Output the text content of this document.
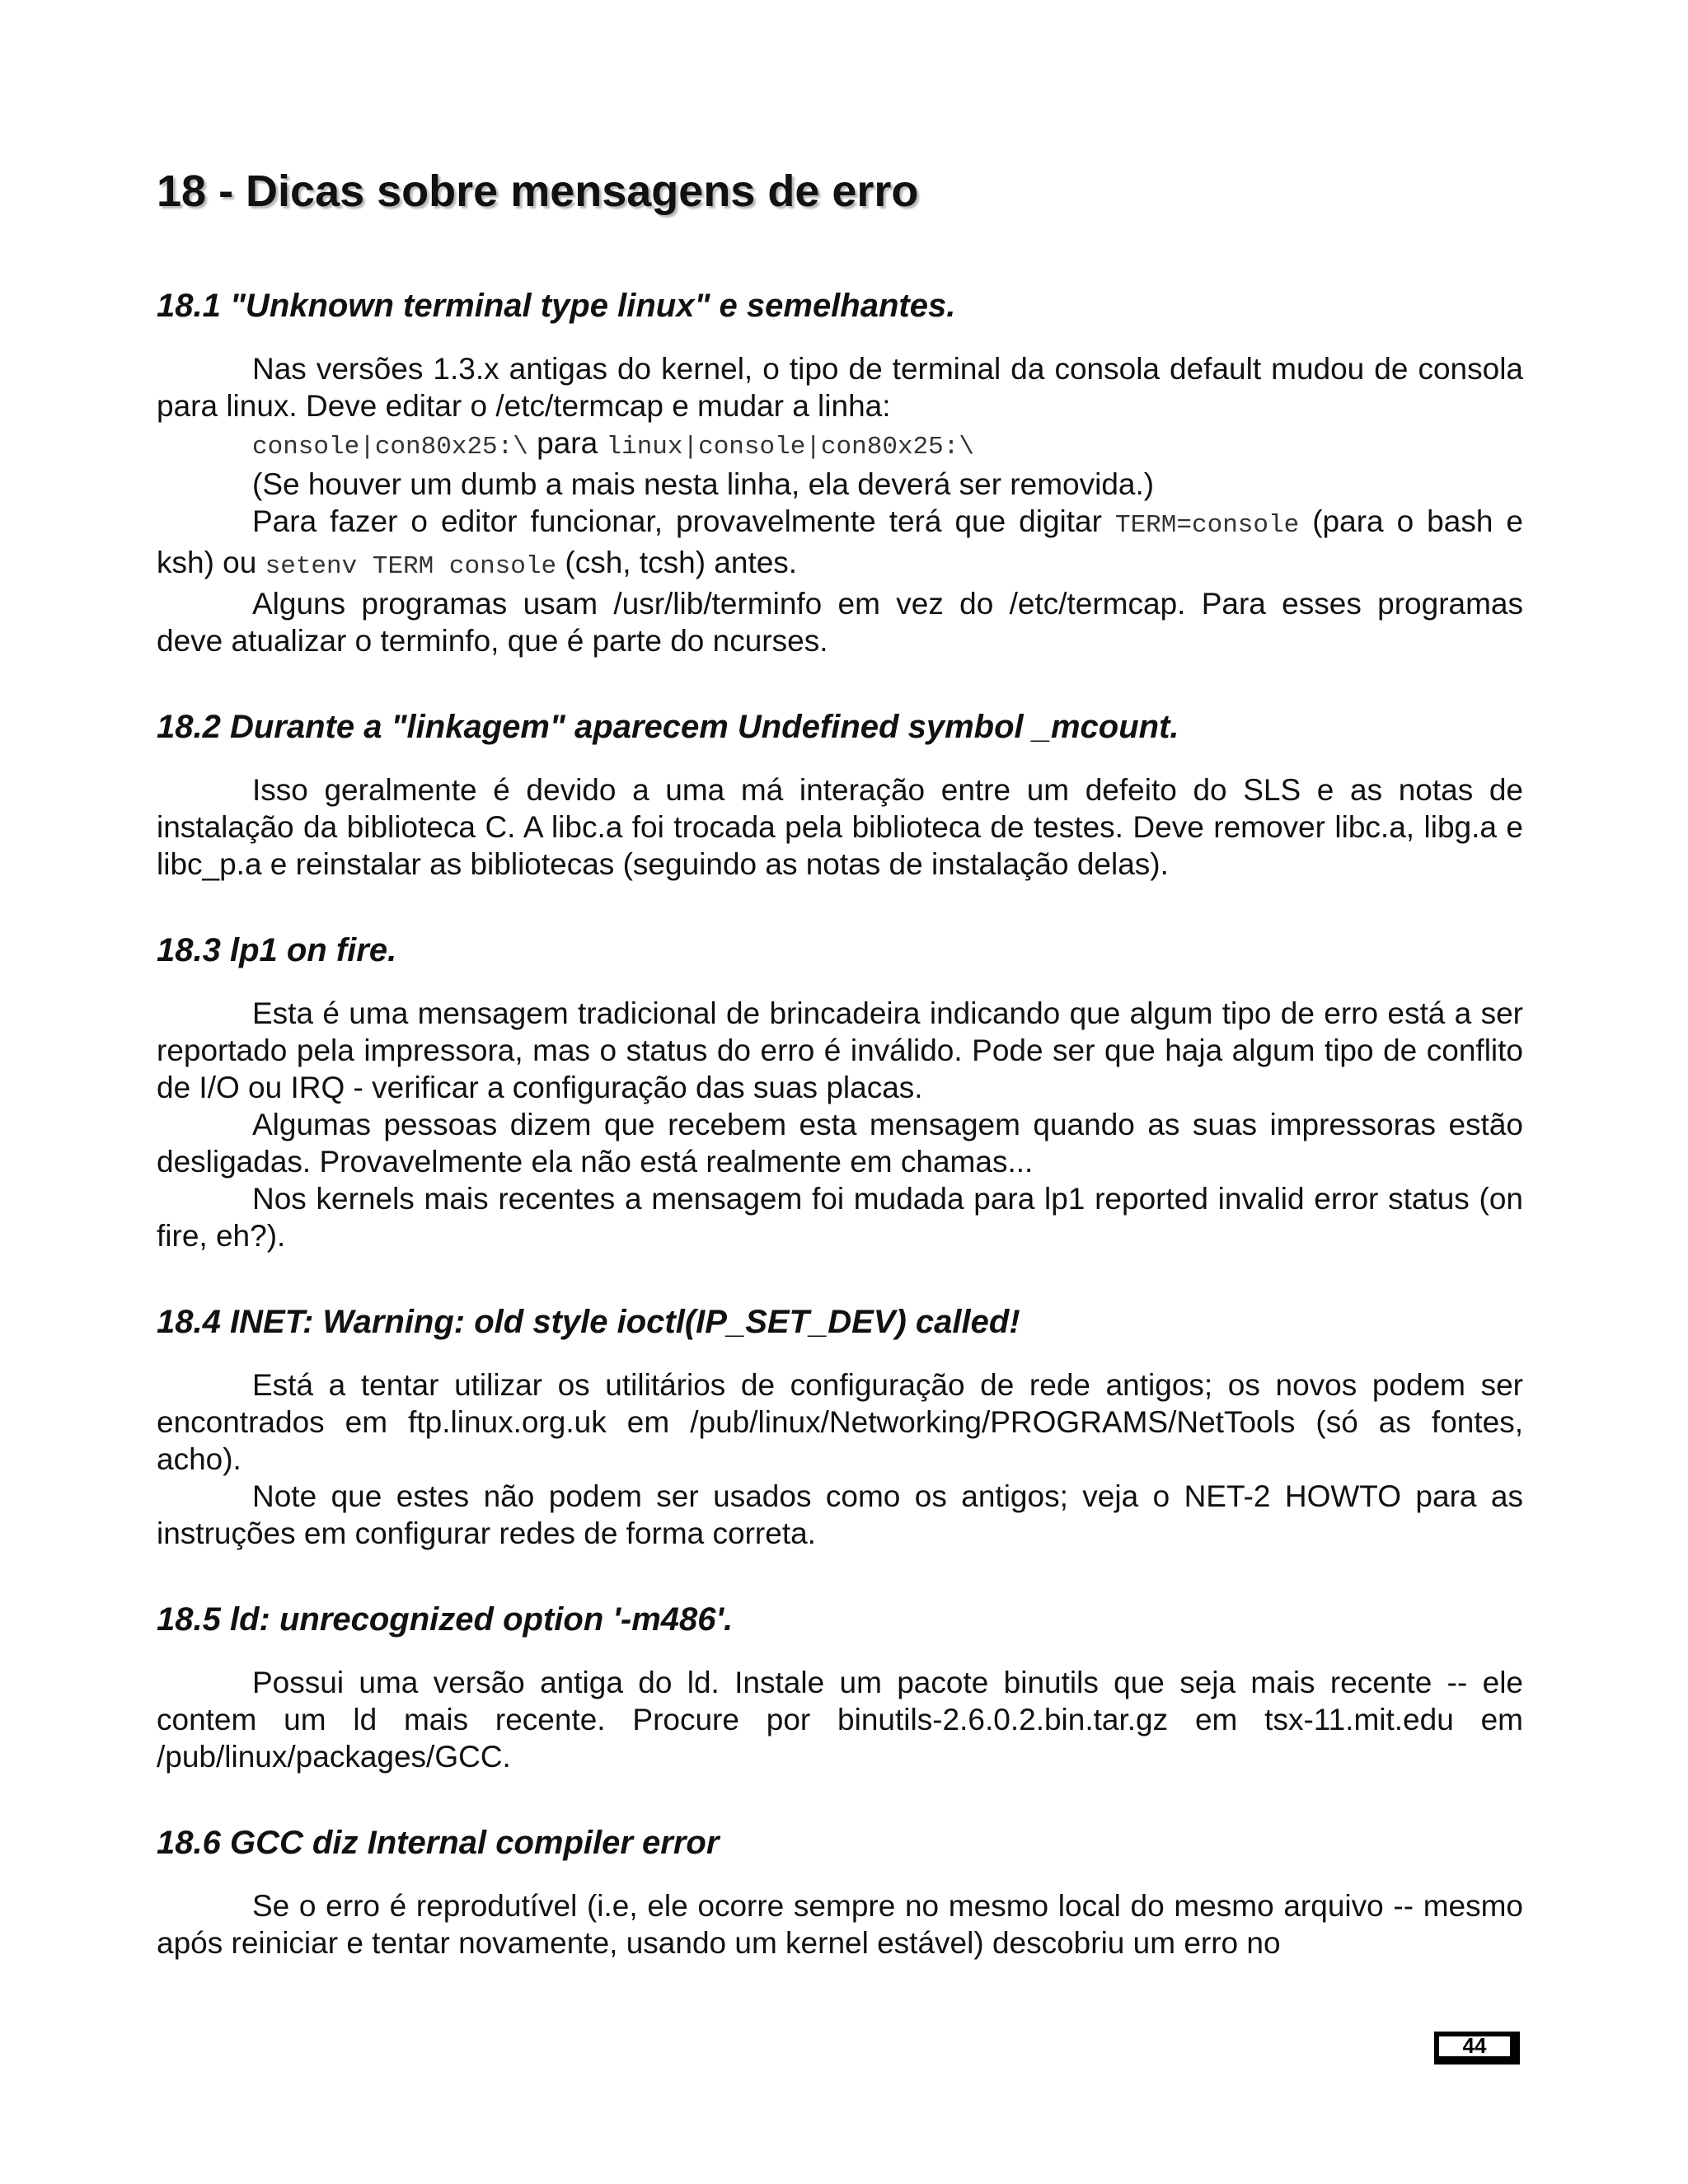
18 - Dicas sobre mensagens de erro
18.1 "Unknown terminal type linux" e semelhantes.

Nas versões 1.3.x antigas do kernel, o tipo de terminal da consola default mudou de consola para linux. Deve editar o /etc/termcap e mudar a linha:

console|con80x25:\ para linux|console|con80x25:\

(Se houver um dumb a mais nesta linha, ela deverá ser removida.)

Para fazer o editor funcionar, provavelmente terá que digitar TERM=console (para o bash e ksh) ou setenv TERM console (csh, tcsh) antes.

Alguns programas usam /usr/lib/terminfo em vez do /etc/termcap. Para esses programas deve atualizar o terminfo, que é parte do ncurses.

18.2 Durante a "linkagem" aparecem Undefined symbol _mcount.

Isso geralmente é devido a uma má interação entre um defeito do SLS e as notas de instalação da biblioteca C. A libc.a foi trocada pela biblioteca de testes. Deve remover libc.a, libg.a e libc_p.a e reinstalar as bibliotecas (seguindo as notas de instalação delas).

18.3 lp1 on fire.

Esta é uma mensagem tradicional de brincadeira indicando que algum tipo de erro está a ser reportado pela impressora, mas o status do erro é inválido. Pode ser que haja algum tipo de conflito de I/O ou IRQ - verificar a configuração das suas placas.

Algumas pessoas dizem que recebem esta mensagem quando as suas impressoras estão desligadas. Provavelmente ela não está realmente em chamas...

Nos kernels mais recentes a mensagem foi mudada para lp1 reported invalid error status (on fire, eh?).

18.4 INET: Warning: old style ioctl(IP_SET_DEV) called!

Está a tentar utilizar os utilitários de configuração de rede antigos; os novos podem ser encontrados em ftp.linux.org.uk em /pub/linux/Networking/PROGRAMS/NetTools (só as fontes, acho).

Note que estes não podem ser usados como os antigos; veja o NET-2 HOWTO para as instruções em configurar redes de forma correta.

18.5 ld: unrecognized option '-m486'.

Possui uma versão antiga do ld. Instale um pacote binutils que seja mais recente -- ele contem um ld mais recente. Procure por binutils-2.6.0.2.bin.tar.gz em tsx-11.mit.edu em /pub/linux/packages/GCC.

18.6 GCC diz Internal compiler error

Se o erro é reprodutível (i.e, ele ocorre sempre no mesmo local do mesmo arquivo -- mesmo após reiniciar e tentar novamente, usando um kernel estável) descobriu um erro no

44
